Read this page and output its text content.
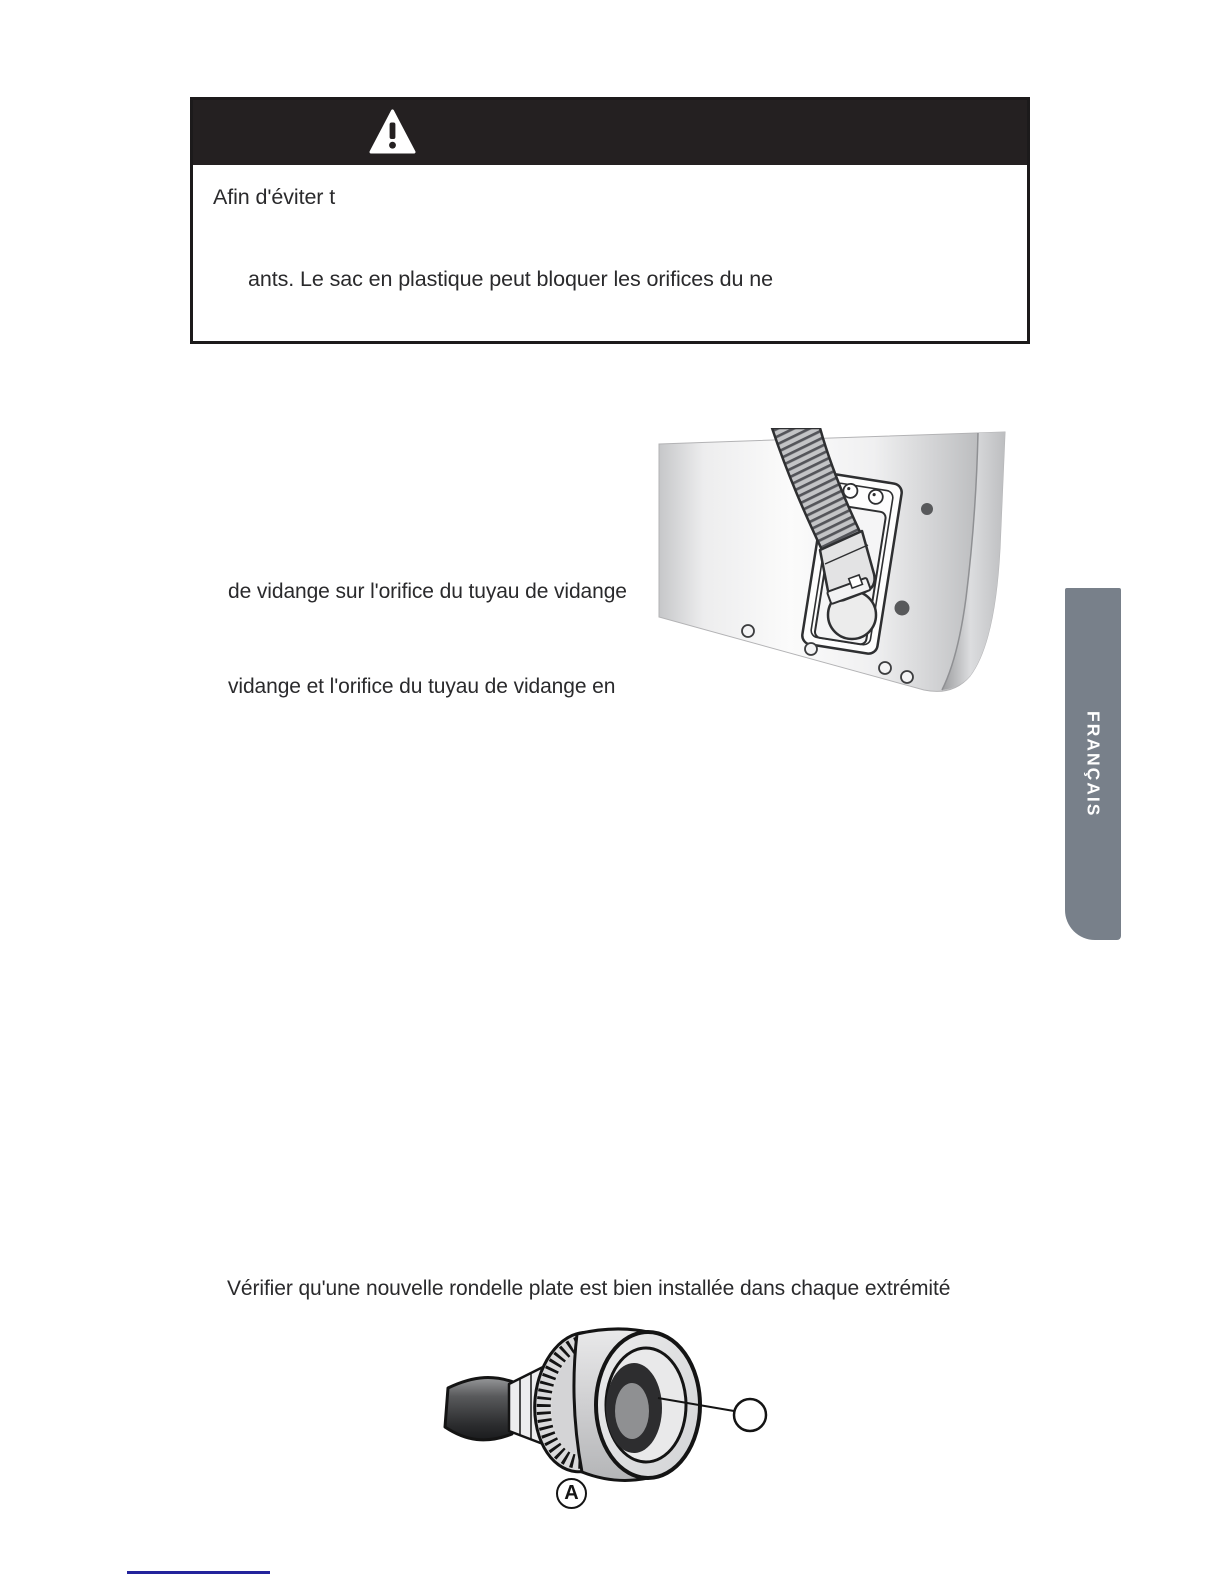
Afin d'éviter t
ants. Le sac en plastique peut bloquer les orifices du ne
de vidange sur l'orifice du tuyau de vidange
vidange et l'orifice du tuyau de vidange en
FRANÇAIS
Vérifier qu'une nouvelle rondelle plate est bien installée dans chaque extrémité
A
